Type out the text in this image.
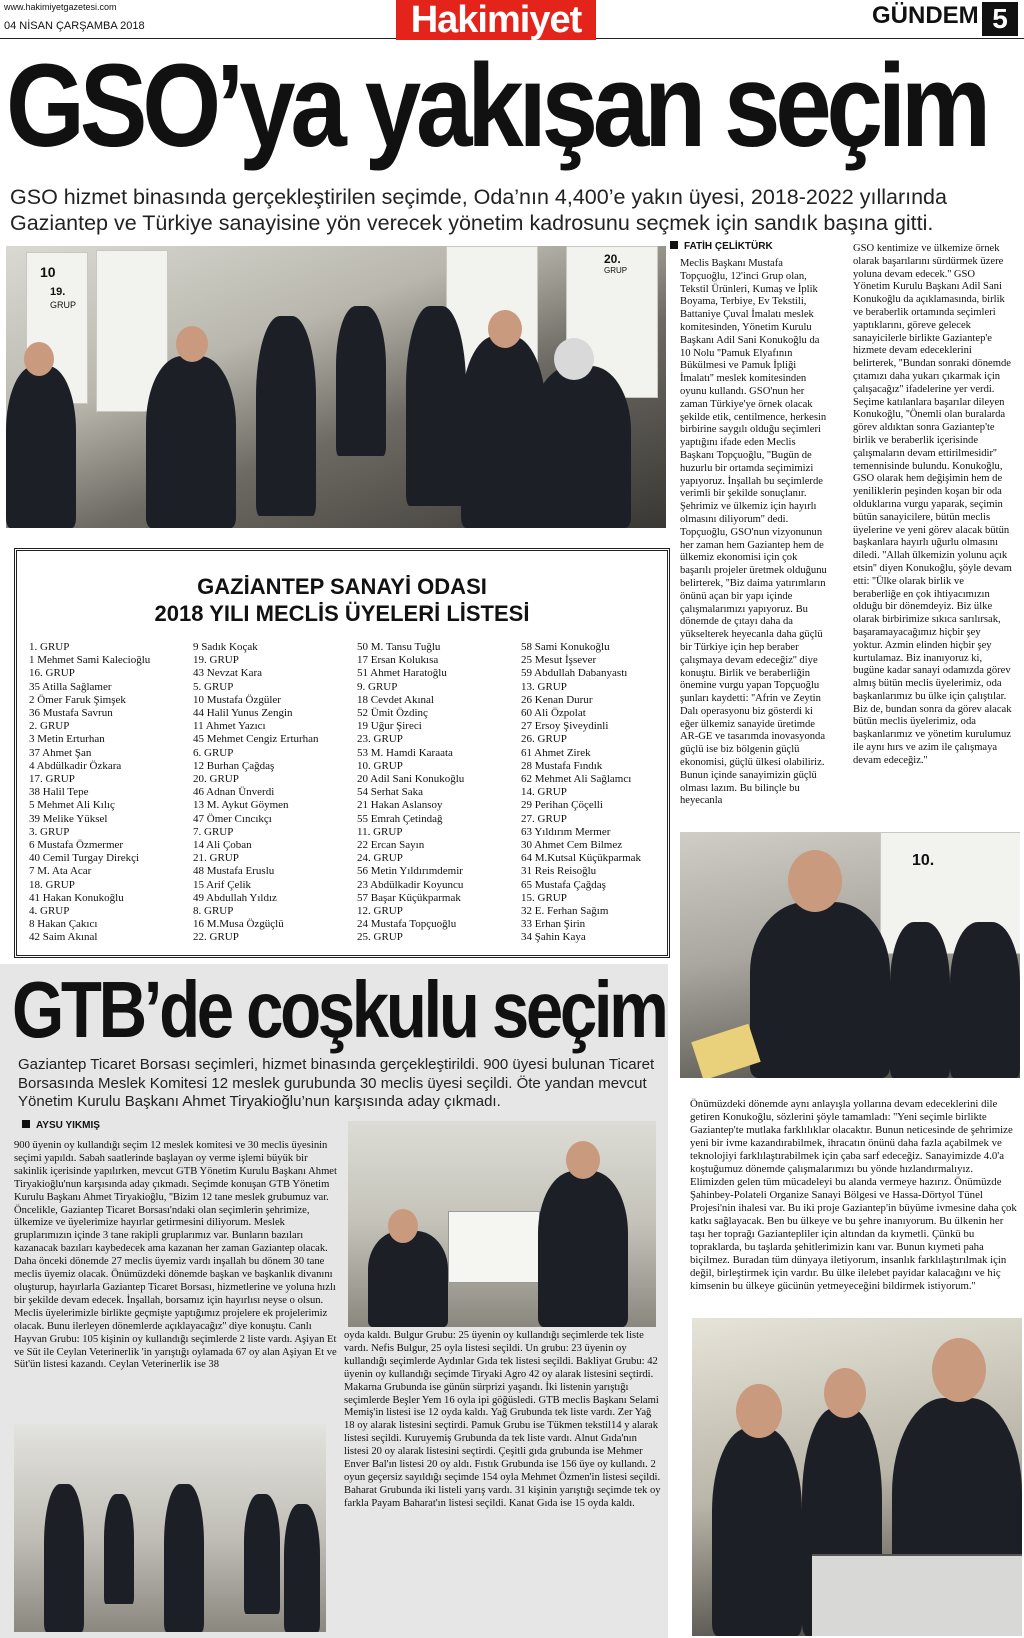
www.hakimiyetgazetesi.com
04 NİSAN ÇARŞAMBA 2018	Hakimiyet	GÜNDEM 5
GSO’ya yakışan seçim
GSO hizmet binasında gerçekleştirilen seçimde, Oda’nın 4,400’e yakın üyesi, 2018-2022 yıllarında Gaziantep ve Türkiye sanayisine yön verecek yönetim kadrosunu seçmek için sandık başına gitti.
10
19.
GRUP
20.
GRUP
GAZİANTEP SANAYİ ODASI
2018 YILI MECLİS ÜYELERİ LİSTESİ
1. GRUP
1 Mehmet Sami Kalecioğlu
16. GRUP
35 Atilla Sağlamer
2 Ömer Faruk Şimşek
36 Mustafa Savrun
2. GRUP
3 Metin Erturhan
37 Ahmet Şan
4 Abdülkadir Özkara
17. GRUP
38 Halil Tepe
5 Mehmet Ali Kılıç
39 Melike Yüksel
3. GRUP
6 Mustafa Özmermer
40 Cemil Turgay Direkçi
7 M. Ata Acar
18. GRUP
41 Hakan Konukoğlu
4. GRUP
8 Hakan Çakıcı
42 Saim Akınal
9 Sadık Koçak
19. GRUP
43 Nevzat Kara
5. GRUP
10 Mustafa Özgüler
44 Halil Yunus Zengin
11 Ahmet Yazıcı
45 Mehmet Cengiz Erturhan
6. GRUP
12 Burhan Çağdaş
20. GRUP
46 Adnan Ünverdi
13 M. Aykut Göymen
47 Ömer Cıncıkçı
7. GRUP
14 Ali Çoban
21. GRUP
48 Mustafa Eruslu
15 Arif Çelik
49 Abdullah Yıldız
8. GRUP
16 M.Musa Özgüçlü
22. GRUP
50 M. Tansu Tuğlu
17 Ersan Kolukısa
51 Ahmet Haratoğlu
9. GRUP
18 Cevdet Akınal
52 Ümit Özdinç
19 Uğur Şireci
23. GRUP
53 M. Hamdi Karaata
10. GRUP
20 Adil Sani Konukoğlu
54 Serhat Saka
21 Hakan Aslansoy
55 Emrah Çetindağ
11. GRUP
22 Ercan Sayın
24. GRUP
56 Metin Yıldırımdemir
23 Abdülkadir Koyuncu
57 Başar Küçükparmak
12. GRUP
24 Mustafa Topçuoğlu
25. GRUP
58 Sami Konukoğlu
25 Mesut İşsever
59 Abdullah Dabanyastı
13. GRUP
26 Kenan Durur
60 Ali Özpolat
27 Ersoy Şiveydinli
26. GRUP
61 Ahmet Zirek
28 Mustafa Fındık
62 Mehmet Ali Sağlamcı
14. GRUP
29 Perihan Çöçelli
27. GRUP
63 Yıldırım Mermer
30 Ahmet Cem Bilmez
64 M.Kutsal Küçükparmak
31 Reis Reisoğlu
65 Mustafa Çağdaş
15. GRUP
32 E. Ferhan Sağım
33 Erhan Şirin
34 Şahin Kaya
FATİH ÇELİKTÜRK
Meclis Başkanı Mustafa Topçuoğlu, 12'inci Grup olan, Tekstil Ürünleri, Kumaş ve İplik Boyama, Terbiye, Ev Tekstili, Battaniye Çuval İmalatı meslek komitesinden, Yönetim Kurulu Başkanı Adil Sani Konukoğlu da 10 Nolu ''Pamuk Elyafının Bükülmesi ve Pamuk İpliği İmalatı'' meslek komitesinden oyunu kullandı. GSO'nun her zaman Türkiye'ye örnek olacak şekilde etik, centilmence, herkesin birbirine saygılı olduğu seçimleri yaptığını ifade eden Meclis Başkanı Topçuoğlu, ''Bugün de huzurlu bir ortamda seçimimizi yapıyoruz. İnşallah bu seçimlerde verimli bir şekilde sonuçlanır. Şehrimiz ve ülkemiz için hayırlı olmasını diliyorum'' dedi. Topçuoğlu, GSO'nun vizyonunun her zaman hem Gaziantep hem de ülkemiz ekonomisi için çok başarılı projeler üretmek olduğunu belirterek, ''Biz daima yatırımların önünü açan bir yapı içinde çalışmalarımızı yapıyoruz. Bu dönemde de çıtayı daha da yükselterek heyecanla daha güçlü bir Türkiye için hep beraber çalışmaya devam edeceğiz'' diye konuştu. Birlik ve beraberliğin önemine vurgu yapan Topçuoğlu şunları kaydetti: ''Afrin ve Zeytin Dalı operasyonu biz gösterdi ki eğer ülkemiz sanayide üretimde AR-GE ve tasarımda inovasyonda güçlü ise biz bölgenin güçlü ekonomisi, güçlü ülkesi olabiliriz. Bunun içinde sanayimizin güçlü olması lazım. Bu bilinçle bu heyecanla
GSO kentimize ve ülkemize örnek olarak başarılarını sürdürmek üzere yoluna devam edecek.'' GSO Yönetim Kurulu Başkanı Adil Sani Konukoğlu da açıklamasında, birlik ve beraberlik ortamında seçimleri yaptıklarını, göreve gelecek sanayicilerle birlikte Gaziantep'e hizmete devam edeceklerini belirterek, ''Bundan sonraki dönemde çıtamızı daha yukarı çıkarmak için çalışacağız'' ifadelerine yer verdi. Seçime katılanlara başarılar dileyen Konukoğlu, ''Önemli olan buralarda görev aldıktan sonra Gaziantep'te birlik ve beraberlik içerisinde çalışmaların devam ettirilmesidir'' temennisinde bulundu. Konukoğlu, GSO olarak hem değişimin hem de yeniliklerin peşinden koşan bir oda olduklarına vurgu yaparak, seçimin bütün sanayicilere, bütün meclis üyelerine ve yeni görev alacak bütün başkanlara hayırlı uğurlu olmasını diledi. ''Allah ülkemizin yolunu açık etsin'' diyen Konukoğlu, şöyle devam etti: ''Ülke olarak birlik ve beraberliğe en çok ihtiyacımızın olduğu bir dönemdeyiz. Biz ülke olarak birbirimize sıkıca sarılırsak, başaramayacağımız hiçbir şey yoktur. Azmin elinden hiçbir şey kurtulamaz. Biz inanıyoruz ki, bugüne kadar sanayi odamızda görev almış bütün meclis üyelerimiz, oda başkanlarımız bu ülke için çalıştılar. Biz de, bundan sonra da görev alacak bütün meclis üyelerimiz, oda başkanlarımız ve yönetim kurulumuz ile aynı hırs ve azim ile çalışmaya devam edeceğiz.''
10.
GTB’de coşkulu seçim
Gaziantep Ticaret Borsası seçimleri, hizmet binasında gerçekleştirildi. 900 üyesi bulunan Ticaret Borsasında Meslek Komitesi 12 meslek gurubunda 30 meclis üyesi seçildi. Öte yandan mevcut Yönetim Kurulu Başkanı Ahmet Tiryakioğlu’nun karşısında aday çıkmadı.
AYSU YIKMIŞ
900 üyenin oy kullandığı seçim 12 meslek komitesi ve 30 meclis üyesinin seçimi yapıldı. Sabah saatlerinde başlayan oy verme işlemi büyük bir sakinlik içerisinde yapılırken, mevcut GTB Yönetim Kurulu Başkanı Ahmet Tiryakioğlu'nun karşısında aday çıkmadı. Seçimde konuşan GTB Yönetim Kurulu Başkanı Ahmet Tiryakioğlu, ''Bizim 12 tane meslek grubumuz var. Öncelikle, Gaziantep Ticaret Borsası'ndaki olan seçimlerin şehrimize, ülkemize ve üyelerimize hayırlar getirmesini diliyorum. Meslek gruplarımızın içinde 3 tane rakipli gruplarımız var. Bunların bazıları kazanacak bazıları kaybedecek ama kazanan her zaman Gaziantep olacak. Daha önceki dönemde 27 meclis üyemiz vardı inşallah bu dönem 30 tane meclis üyemiz olacak. Önümüzdeki dönemde başkan ve başkanlık divanını oluşturup, hayırlarla Gaziantep Ticaret Borsası, hizmetlerine ve yoluna hızlı bir şekilde devam edecek. İnşallah, borsamız için hayırlısı neyse o olsun. Meclis üyelerimizle birlikte geçmişte yaptığımız projelere ek projelerimiz olacak. Bunu ilerleyen dönemlerde açıklayacağız'' diye konuştu. Canlı Hayvan Grubu: 105 kişinin oy kullandığı seçimlerde 2 liste vardı. Aşiyan Et ve Süt ile Ceylan Veterinerlik 'in yarıştığı oylamada 67 oy alan Aşiyan Et ve Süt'ün listesi kazandı. Ceylan Veterinerlik ise 38
oyda kaldı. Bulgur Grubu: 25 üyenin oy kullandığı seçimlerde tek liste vardı. Nefis Bulgur, 25 oyla listesi seçildi. Un grubu: 23 üyenin oy kullandığı seçimlerde Aydınlar Gıda tek listesi seçildi. Bakliyat Grubu: 42 üyenin oy kullandığı seçimde Tiryaki Agro 42 oy alarak listesini seçtirdi. Makarna Grubunda ise günün sürprizi yaşandı. İki listenin yarıştığı seçimlerde Beşler Yem 16 oyla ipi göğüsledi. GTB meclis Başkanı Selami Memiş'in listesi ise 12 oyda kaldı. Yağ Grubunda tek liste vardı. Zer Yağ 18 oy alarak listesini seçtirdi. Pamuk Grubu ise Tükmen tekstil14 y alarak listesi seçildi. Kuruyemiş Grubunda da tek liste vardı. Alnut Gıda'nın listesi 20 oy alarak listesini seçtirdi. Çeşitli gıda grubunda ise Mehmer Enver Bal'ın listesi 20 oy aldı. Fıstık Grubunda ise 156 üye oy kullandı. 2 oyun geçersiz sayıldığı seçimde 154 oyla Mehmet Özmen'in listesi seçildi. Baharat Grubunda iki listeli yarış vardı. 31 kişinin yarıştığı seçimde tek oy farkla Payam Baharat'ın listesi seçildi. Kanat Gıda ise 15 oyda kaldı.
Önümüzdeki dönemde aynı anlayışla yollarına devam edeceklerini dile getiren Konukoğlu, sözlerini şöyle tamamladı: ''Yeni seçimle birlikte Gaziantep'te mutlaka farklılıklar olacaktır. Bunun neticesinde de şehrimize yeni bir ivme kazandırabilmek, ihracatın önünü daha fazla açabilmek ve teknolojiyi farklılaştırabilmek için çaba sarf edeceğiz. Sanayimizde 4.0'a koştuğumuz dönemde çalışmalarımızı bu yönde hızlandırmalıyız. Elimizden gelen tüm mücadeleyi bu alanda vermeye hazırız. Önümüzde Şahinbey-Polateli Organize Sanayi Bölgesi ve Hassa-Dörtyol Tünel Projesi'nin ihalesi var. Bu iki proje Gaziantep'in büyüme ivmesine daha çok katkı sağlayacak. Ben bu ülkeye ve bu şehre inanıyorum. Bu ülkenin her taşı her toprağı Gaziantepliler için altından da kıymetli. Çünkü bu topraklarda, bu taşlarda şehitlerimizin kanı var. Bunun kıymeti paha biçilmez. Buradan tüm dünyaya iletiyorum, insanlık farklılaştırılmak için değil, birleştirmek için vardır. Bu ülke ilelebet payidar kalacağını ve hiç kimsenin bu ülkeye gücünün yetmeyeceğini bildirmek istiyorum.''
